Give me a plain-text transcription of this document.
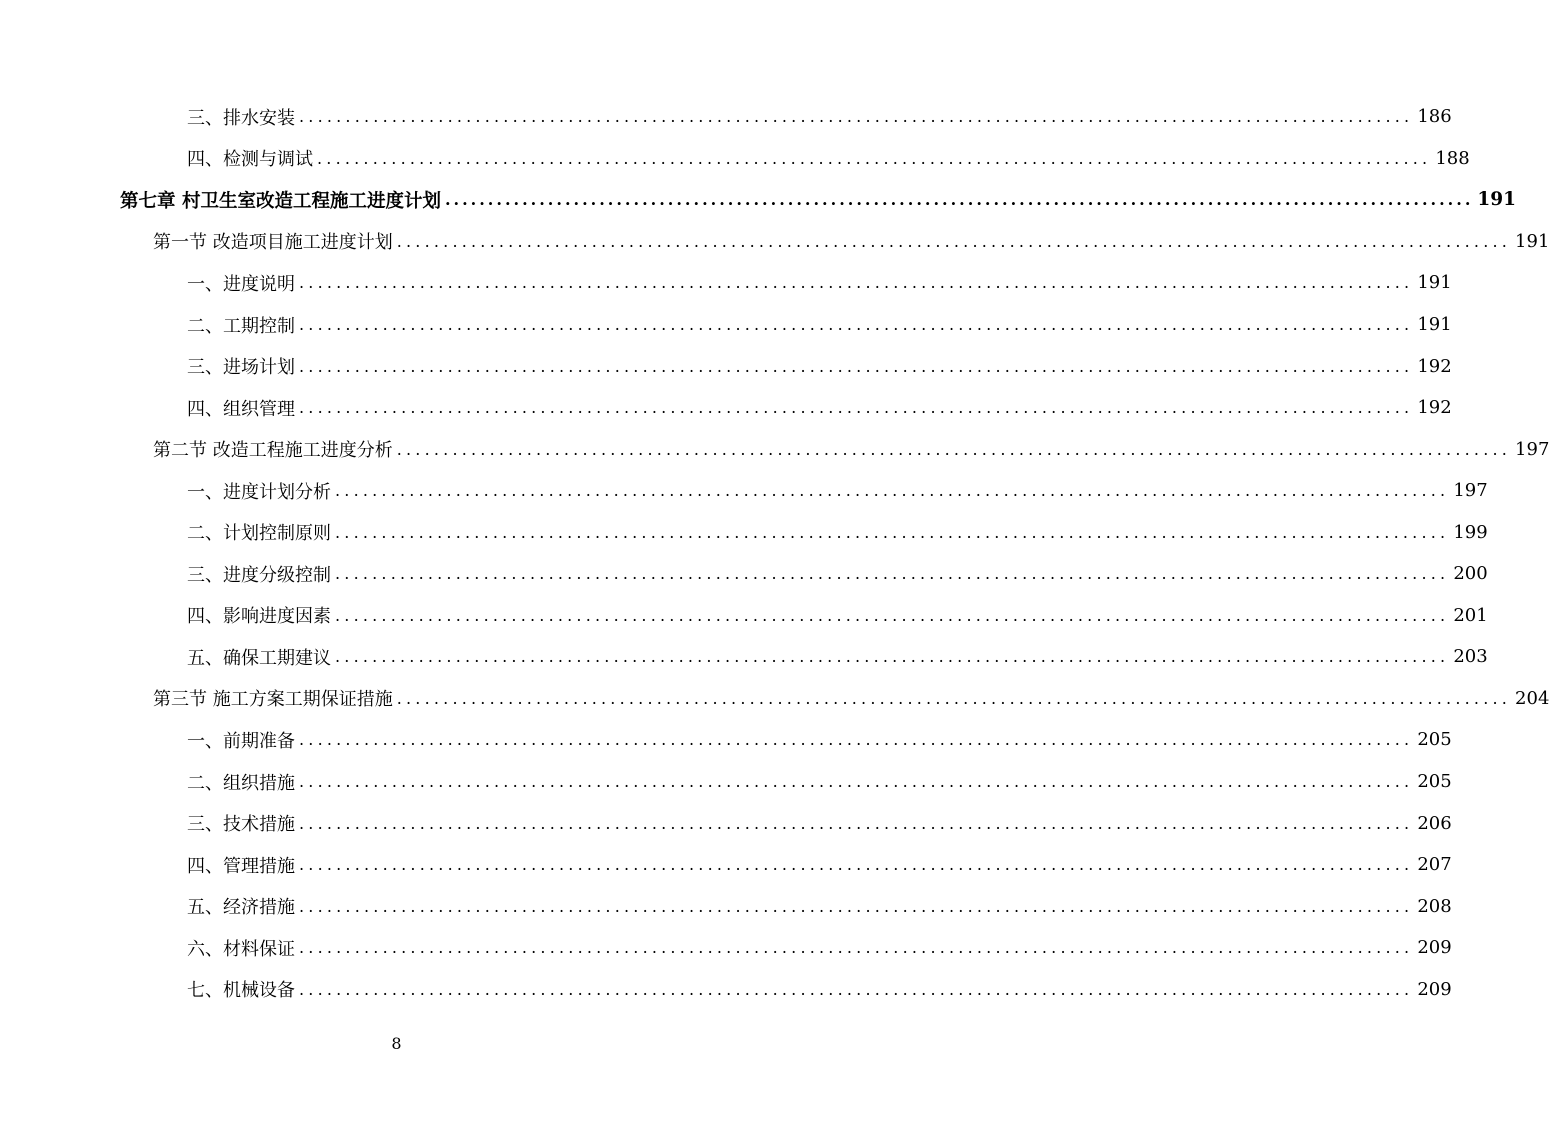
三、排水安装 ........................................................................................................................ 186
四、检测与调试 ........................................................................................................................ 188
第七章 村卫生室改造工程施工进度计划 ........................................................................................................................ 191
第一节 改造项目施工进度计划 ........................................................................................................................ 191
一、进度说明 ........................................................................................................................ 191
二、工期控制 ........................................................................................................................ 191
三、进场计划 ........................................................................................................................ 192
四、组织管理 ........................................................................................................................ 192
第二节 改造工程施工进度分析 ........................................................................................................................ 197
一、进度计划分析 ........................................................................................................................ 197
二、计划控制原则 ........................................................................................................................ 199
三、进度分级控制 ........................................................................................................................ 200
四、影响进度因素 ........................................................................................................................ 201
五、确保工期建议 ........................................................................................................................ 203
第三节 施工方案工期保证措施 ........................................................................................................................ 204
一、前期准备 ........................................................................................................................ 205
二、组织措施 ........................................................................................................................ 205
三、技术措施 ........................................................................................................................ 206
四、管理措施 ........................................................................................................................ 207
五、经济措施 ........................................................................................................................ 208
六、材料保证 ........................................................................................................................ 209
七、机械设备 ........................................................................................................................ 209
8
